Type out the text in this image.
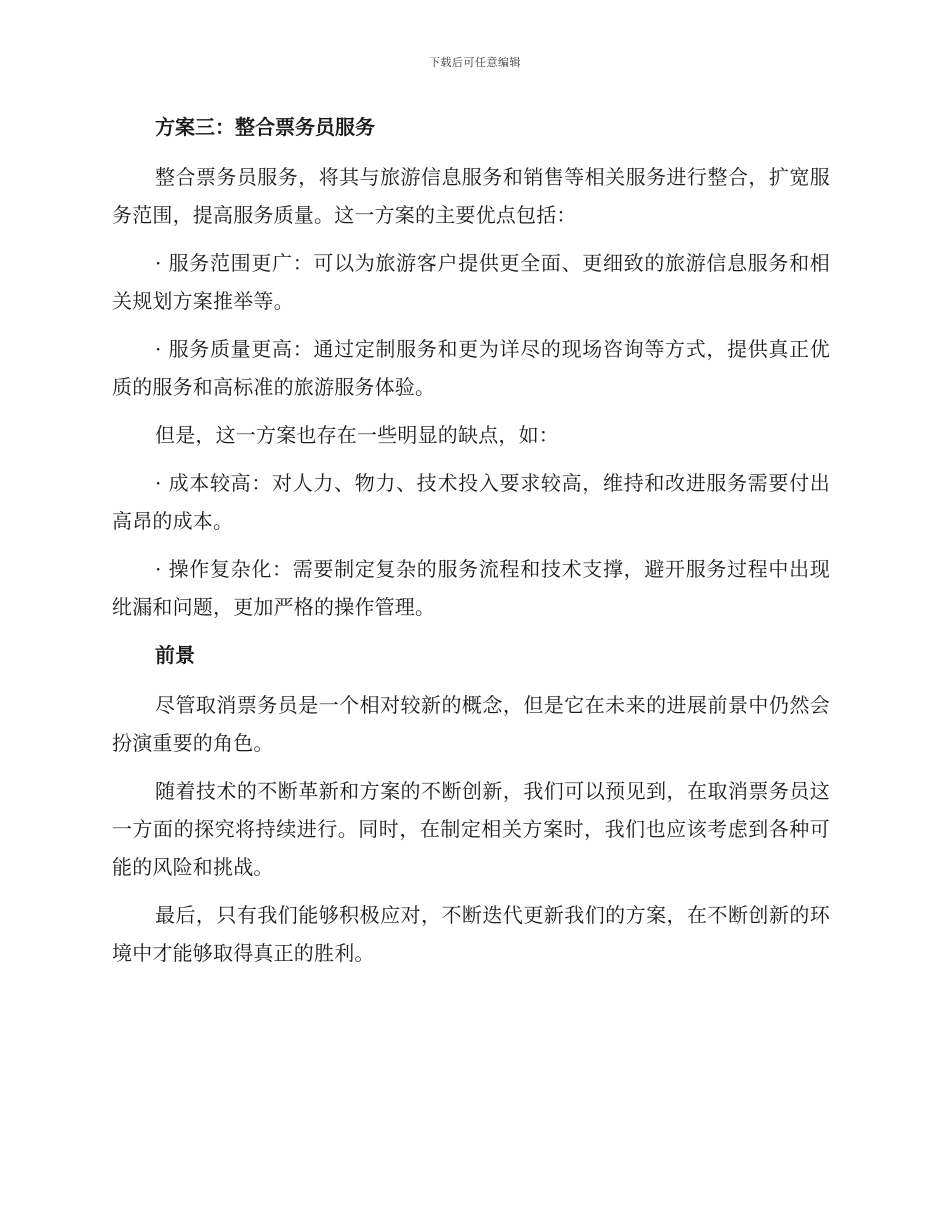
下载后可任意编辑
方案三：整合票务员服务

整合票务员服务，将其与旅游信息服务和销售等相关服务进行整合，扩宽服务范围，提高服务质量。这一方案的主要优点包括：

· 服务范围更广：可以为旅游客户提供更全面、更细致的旅游信息服务和相关规划方案推举等。

· 服务质量更高：通过定制服务和更为详尽的现场咨询等方式，提供真正优质的服务和高标准的旅游服务体验。

但是，这一方案也存在一些明显的缺点，如：

· 成本较高：对人力、物力、技术投入要求较高，维持和改进服务需要付出高昂的成本。

· 操作复杂化：需要制定复杂的服务流程和技术支撑，避开服务过程中出现纰漏和问题，更加严格的操作管理。

前景

尽管取消票务员是一个相对较新的概念，但是它在未来的进展前景中仍然会扮演重要的角色。

随着技术的不断革新和方案的不断创新，我们可以预见到，在取消票务员这一方面的探究将持续进行。同时，在制定相关方案时，我们也应该考虑到各种可能的风险和挑战。

最后，只有我们能够积极应对，不断迭代更新我们的方案，在不断创新的环境中才能够取得真正的胜利。
